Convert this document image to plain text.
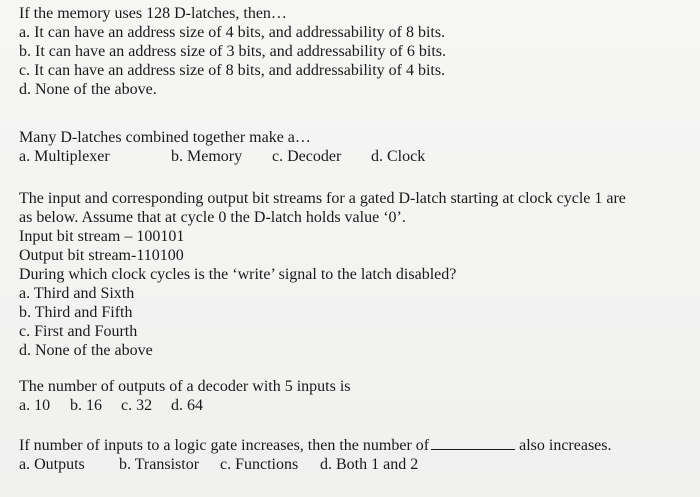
If the memory uses 128 D-latches, then…
a. It can have an address size of 4 bits, and addressability of 8 bits.
b. It can have an address size of 3 bits, and addressability of 6 bits.
c. It can have an address size of 8 bits, and addressability of 4 bits.
d. None of the above.
Many D-latches combined together make a…
a. Multiplexer	b. Memory c. Decoder d. Clock
The input and corresponding output bit streams for a gated D-latch starting at clock cycle 1 are
as below. Assume that at cycle 0 the D-latch holds value ‘0’.
Input bit stream – 100101
Output bit stream-110100
During which clock cycles is the ‘write’ signal to the latch disabled?
a. Third and Sixth
b. Third and Fifth
c. First and Fourth
d. None of the above
The number of outputs of a decoder with 5 inputs is
a. 10 b. 16 c. 32 d. 64
If number of inputs to a logic gate increases, then the number of	also increases.
a. Outputs b. Transistor c. Functions d. Both 1 and 2
